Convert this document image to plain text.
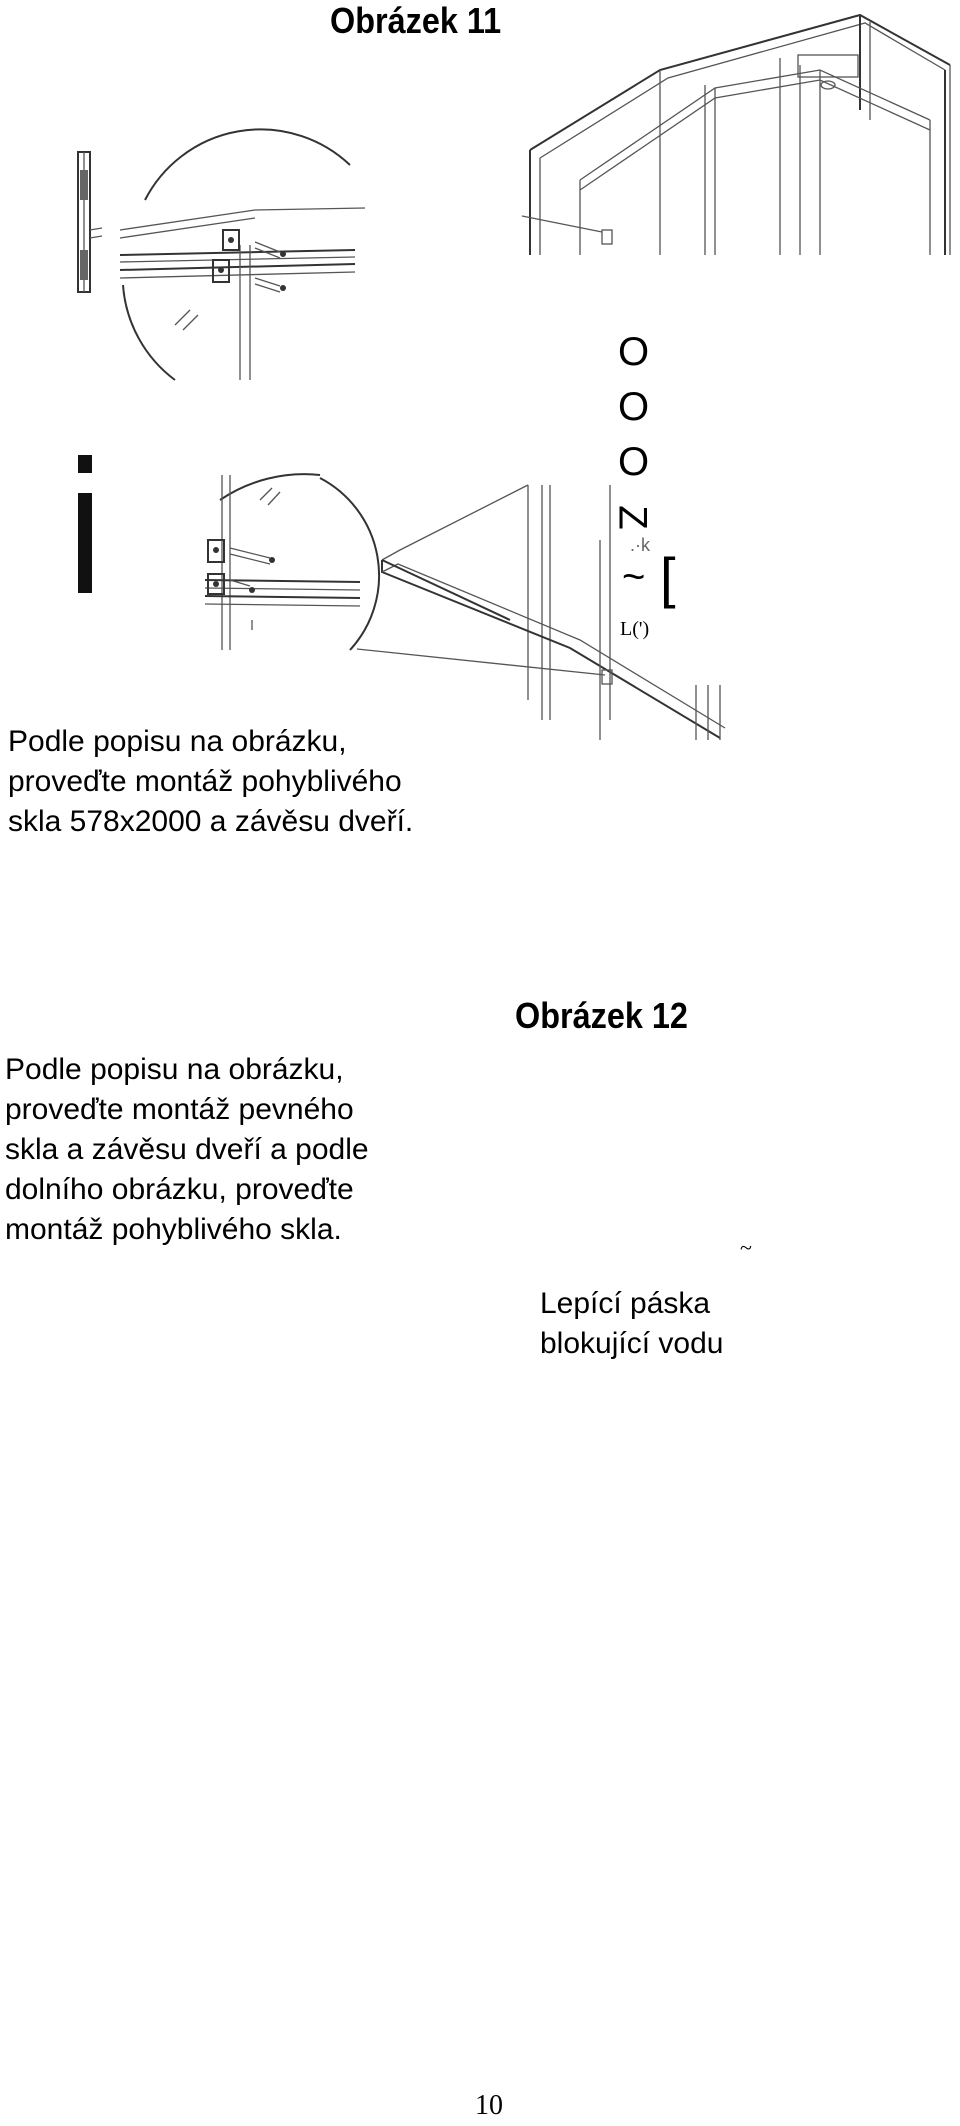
Obrázek 11
O
O
O
Z
.·k
~ [
L(')
Podle popisu na obrázku,
proveďte montáž pohyblivého
skla 578x2000 a závěsu dveří.
Obrázek 12
Podle popisu na obrázku,
proveďte montáž pevného
skla a závěsu dveří a podle
dolního obrázku, proveďte
montáž pohyblivého skla.
~
Lepící páska
blokující vodu
10
